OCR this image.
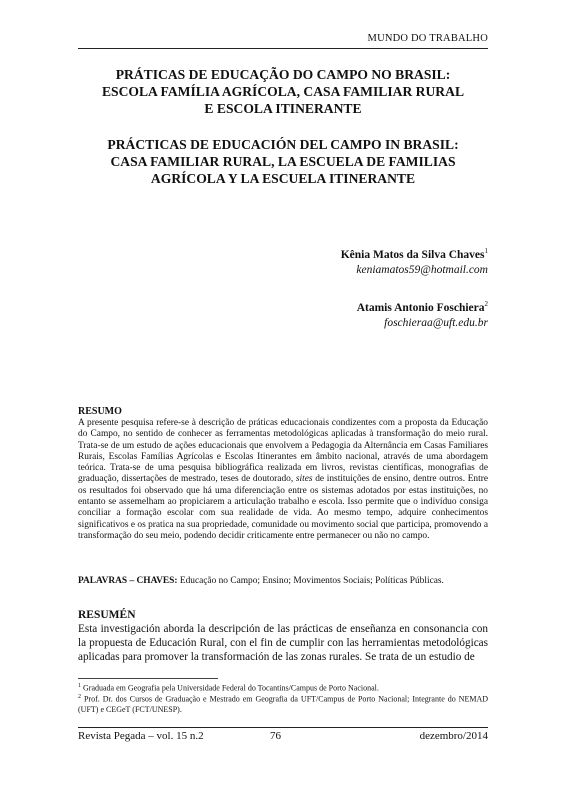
MUNDO DO TRABALHO
PRÁTICAS DE EDUCAÇÃO DO CAMPO NO BRASIL:
ESCOLA FAMÍLIA AGRÍCOLA, CASA FAMILIAR RURAL
E ESCOLA ITINERANTE
PRÁCTICAS DE EDUCACIÓN DEL CAMPO IN BRASIL:
CASA FAMILIAR RURAL, LA ESCUELA DE FAMILIAS
AGRÍCOLA Y LA ESCUELA ITINERANTE
Kênia Matos da Silva Chaves$^1$
keniamatos59@hotmail.com
Atamis Antonio Foschiera$^2$
foschieraa@uft.edu.br
RESUMO
A presente pesquisa refere-se à descrição de práticas educacionais condizentes com a proposta da Educação do Campo, no sentido de conhecer as ferramentas metodológicas aplicadas à transformação do meio rural. Trata-se de um estudo de ações educacionais que envolvem a Pedagogia da Alternância em Casas Familiares Rurais, Escolas Famílias Agrícolas e Escolas Itinerantes em âmbito nacional, através de uma abordagem teórica. Trata-se de uma pesquisa bibliográfica realizada em livros, revistas científicas, monografias de graduação, dissertações de mestrado, teses de doutorado, sites de instituições de ensino, dentre outros. Entre os resultados foi observado que há uma diferenciação entre os sistemas adotados por estas instituições, no entanto se assemelham ao propiciarem a articulação trabalho e escola. Isso permite que o indivíduo consiga conciliar a formação escolar com sua realidade de vida. Ao mesmo tempo, adquire conhecimentos significativos e os pratica na sua propriedade, comunidade ou movimento social que participa, promovendo a transformação do seu meio, podendo decidir criticamente entre permanecer ou não no campo.
PALAVRAS – CHAVES: Educação no Campo; Ensino; Movimentos Sociais; Políticas Públicas.
RESUMÉN
Esta investigación aborda la descripción de las prácticas de enseñanza en consonancia con la propuesta de Educación Rural, con el fin de cumplir con las herramientas metodológicas aplicadas para promover la transformación de las zonas rurales. Se trata de un estudio de
$^1$ Graduada em Geografia pela Universidade Federal do Tocantins/Campus de Porto Nacional.
$^2$ Prof. Dr. dos Cursos de Graduação e Mestrado em Geografia da UFT/Campus de Porto Nacional; Integrante do NEMAD (UFT) e CEGeT (FCT/UNESP).
Revista Pegada – vol. 15 n.2	76	dezembro/2014
